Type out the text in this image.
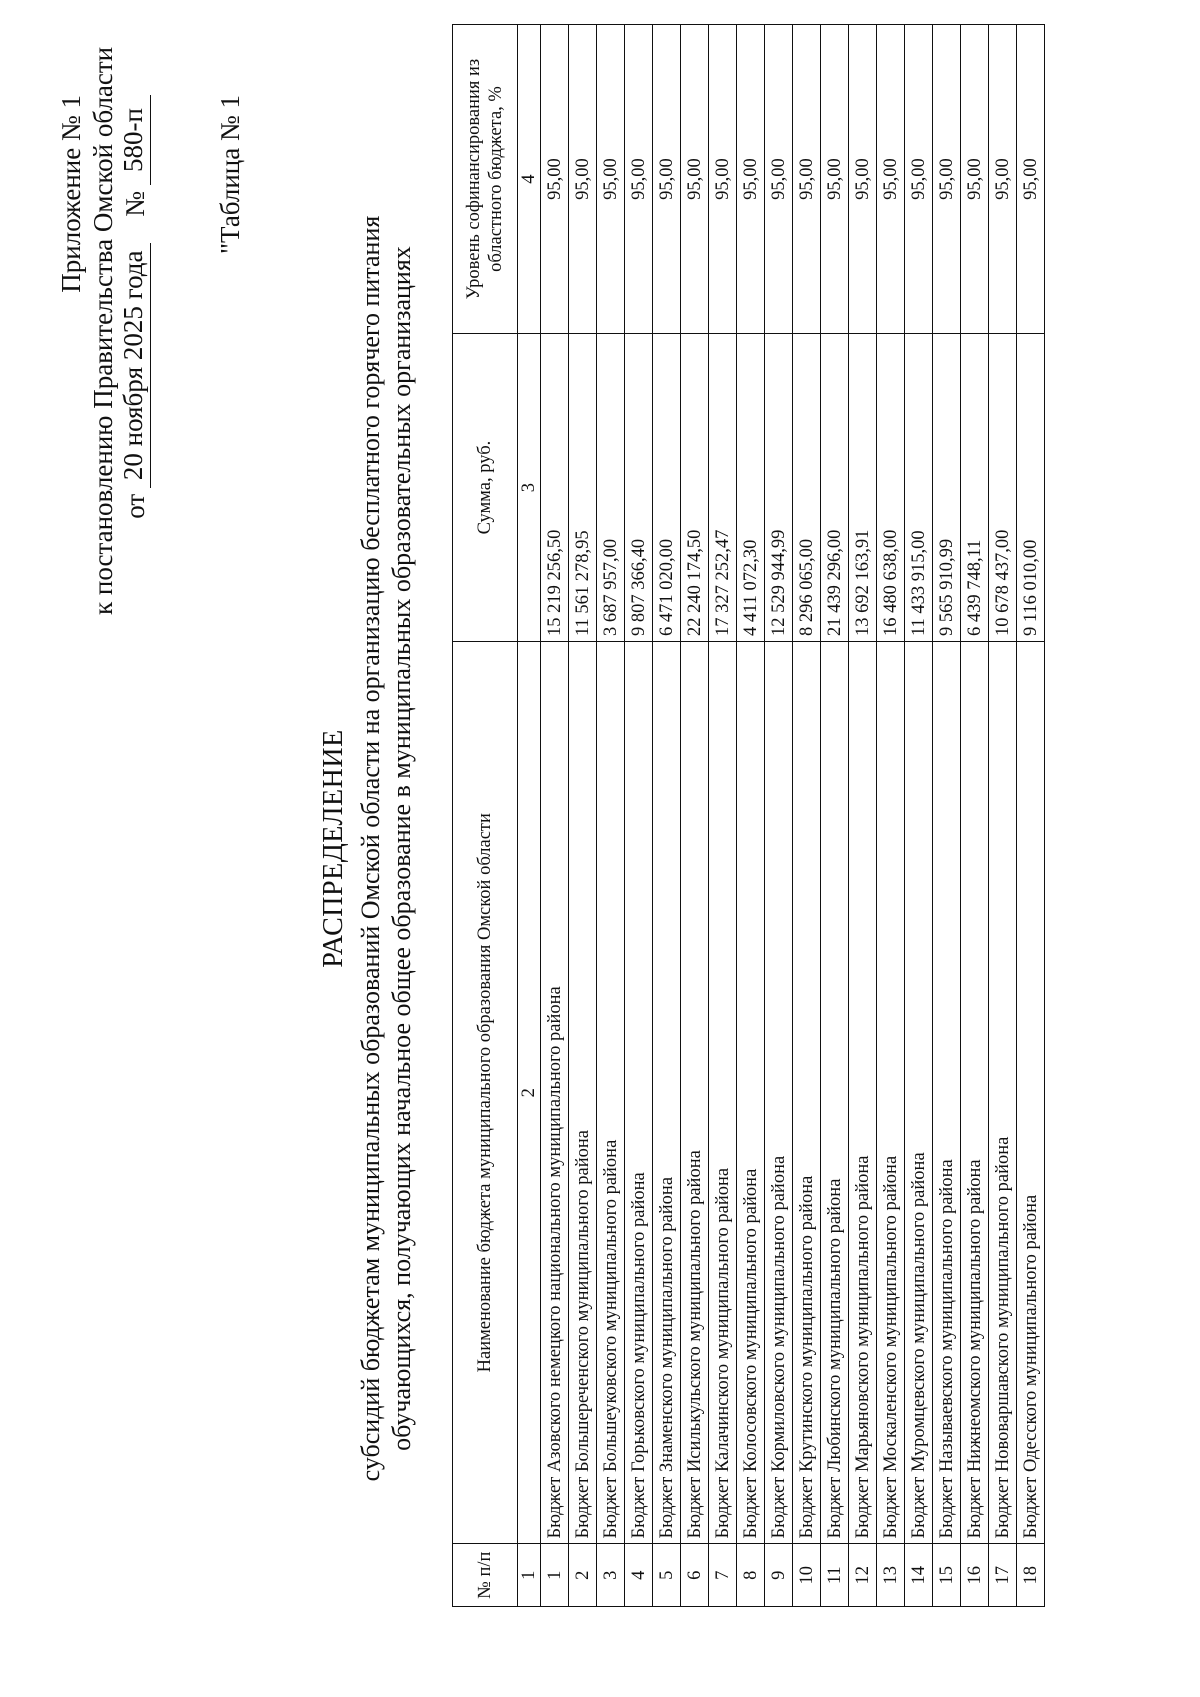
Приложение № 1 к постановлению Правительства Омской области от
20 ноября 2025 года
№
580-п "Таблица № 1
РАСПРЕДЕЛЕНИЕ субсидий бюджетам муниципальных образований Омской области на организацию бесплатного горячего питания обучающихся, получающих начальное общее образование в муниципальных образовательных организациях
№ п/п	Наименование бюджета муниципального образования Омской области	Сумма, руб.	Уровень софинансирования из областного бюджета, %
1	2	3	4
1	Бюджет Азовского немецкого национального муниципального района	15 219 256,50	95,00
2	Бюджет Большереченского муниципального района	11 561 278,95	95,00
3	Бюджет Большеуковского муниципального района	3 687 957,00	95,00
4	Бюджет Горьковского муниципального района	9 807 366,40	95,00
5	Бюджет Знаменского муниципального района	6 471 020,00	95,00
6	Бюджет Исилькульского муниципального района	22 240 174,50	95,00
7	Бюджет Калачинского муниципального района	17 327 252,47	95,00
8	Бюджет Колосовского муниципального района	4 411 072,30	95,00
9	Бюджет Кормиловского муниципального района	12 529 944,99	95,00
10	Бюджет Крутинского муниципального района	8 296 065,00	95,00
11	Бюджет Любинского муниципального района	21 439 296,00	95,00
12	Бюджет Марьяновского муниципального района	13 692 163,91	95,00
13	Бюджет Москаленского муниципального района	16 480 638,00	95,00
14	Бюджет Муромцевского муниципального района	11 433 915,00	95,00
15	Бюджет Называевского муниципального района	9 565 910,99	95,00
16	Бюджет Нижнеомского муниципального района	6 439 748,11	95,00
17	Бюджет Нововаршавского муниципального района	10 678 437,00	95,00
18	Бюджет Одесского муниципального района	9 116 010,00	95,00
